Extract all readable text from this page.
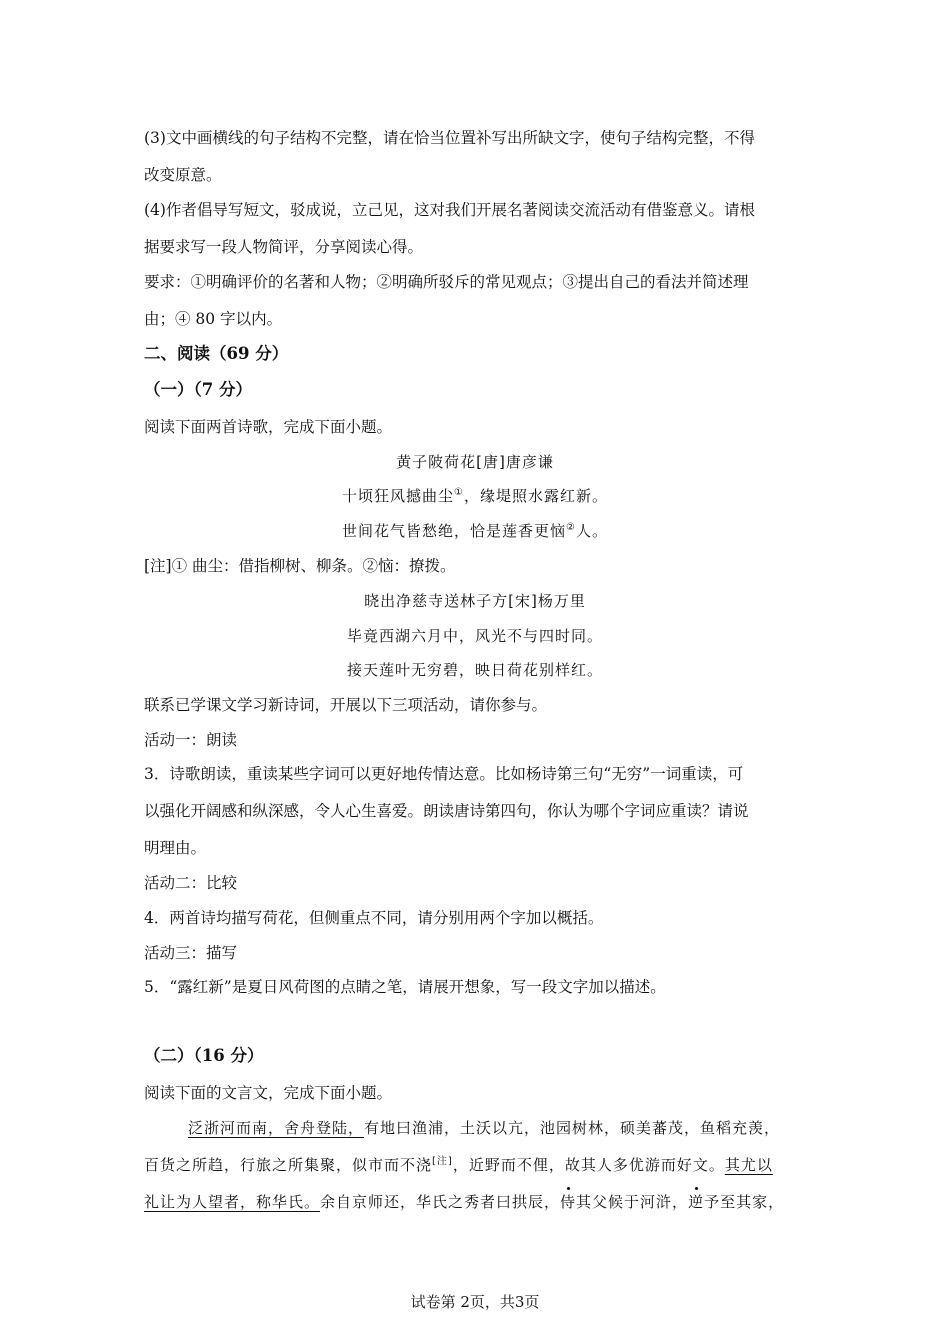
(3)文中画横线的句子结构不完整，请在恰当位置补写出所缺文字，使句子结构完整，不得
改变原意。
(4)作者倡导写短文，驳成说，立己见，这对我们开展名著阅读交流活动有借鉴意义。请根
据要求写一段人物简评，分享阅读心得。
要求：①明确评价的名著和人物；②明确所驳斥的常见观点；③提出自己的看法并简述理
由；④ 80 字以内。
二、阅读（69 分）
（一）（7 分）
阅读下面两首诗歌，完成下面小题。
黄子陂荷花[唐]唐彦谦
十顷狂风撼曲尘①，缘堤照水露红新。
世间花气皆愁绝，恰是莲香更恼②人。
[注]① 曲尘：借指柳树、柳条。②恼：撩拨。
晓出净慈寺送林子方[宋]杨万里
毕竟西湖六月中，风光不与四时同。
接天莲叶无穷碧，映日荷花别样红。
联系已学课文学习新诗词，开展以下三项活动，请你参与。
活动一：朗读
3．诗歌朗读，重读某些字词可以更好地传情达意。比如杨诗第三句“无穷”一词重读，可
以强化开阔感和纵深感，令人心生喜爱。朗读唐诗第四句，你认为哪个字词应重读？请说
明理由。
活动二：比较
4．两首诗均描写荷花，但侧重点不同，请分别用两个字加以概括。
活动三：描写
5．“露红新”是夏日风荷图的点睛之笔，请展开想象，写一段文字加以描述。
（二）（16 分）
阅读下面的文言文，完成下面小题。
泛浙河而南，舍舟登陆，有地曰渔浦，土沃以亢，池园树林，硕美蕃茂，鱼稻充羡，
百货之所趋，行旅之所集聚，似市而不浇[注]，近野而不俚，故其人多优游而好文。其尤以
礼让为人望者，称华氏。余自京师还，华氏之秀者曰拱辰，侍其父候于河浒，逆予至其家，
试卷第 2页，共3页
